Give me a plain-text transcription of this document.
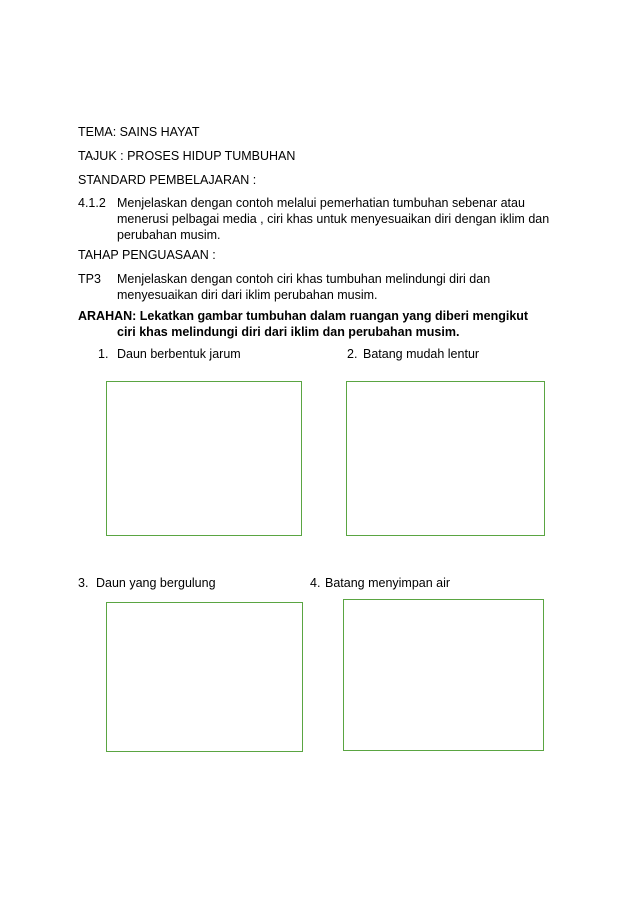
TEMA: SAINS HAYAT
TAJUK : PROSES HIDUP TUMBUHAN
STANDARD PEMBELAJARAN :
4.1.2 Menjelaskan dengan contoh melalui pemerhatian tumbuhan sebenar atau
menerusi pelbagai media , ciri khas untuk menyesuaikan diri dengan iklim dan
perubahan musim.
TAHAP PENGUASAAN :
TP3 Menjelaskan dengan contoh ciri khas tumbuhan melindungi diri dan
menyesuaikan diri dari iklim perubahan musim.
ARAHAN: Lekatkan gambar tumbuhan dalam ruangan yang diberi mengikut
ciri khas melindungi diri dari iklim dan perubahan musim.
1. Daun berbentuk jarum	2. Batang mudah lentur
3. Daun yang bergulung	4. Batang menyimpan air
